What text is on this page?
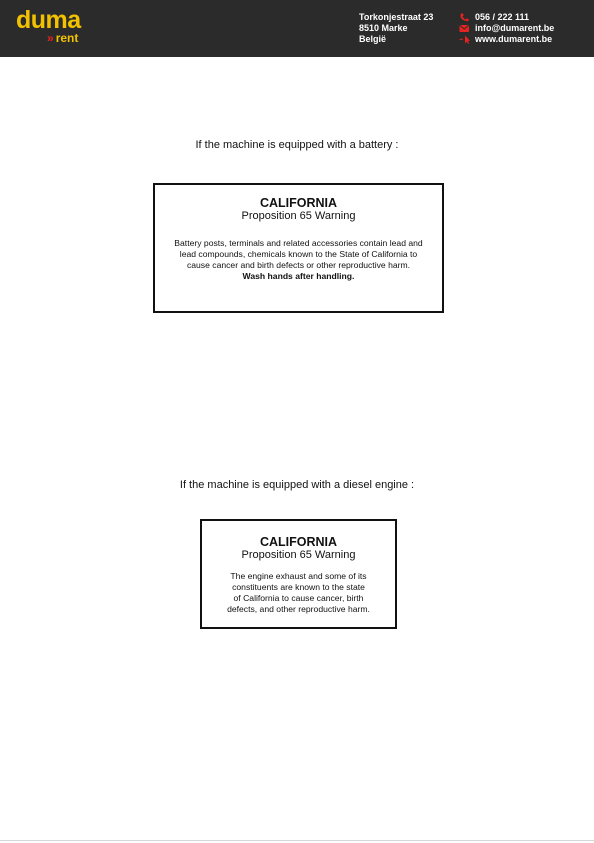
duma
» rent
Torkonjestraat 23
8510 Marke
België
056 / 222 111
info@dumarent.be
www.dumarent.be
If the machine is equipped with a battery :
CALIFORNIA
Proposition 65 Warning
Battery posts, terminals and related accessories contain lead and
lead compounds, chemicals known to the State of California to
cause cancer and birth defects or other reproductive harm.
Wash hands after handling.
If the machine is equipped with a diesel engine :
CALIFORNIA
Proposition 65 Warning
The engine exhaust and some of its
constituents are known to the state
of California to cause cancer, birth
defects, and other reproductive harm.
